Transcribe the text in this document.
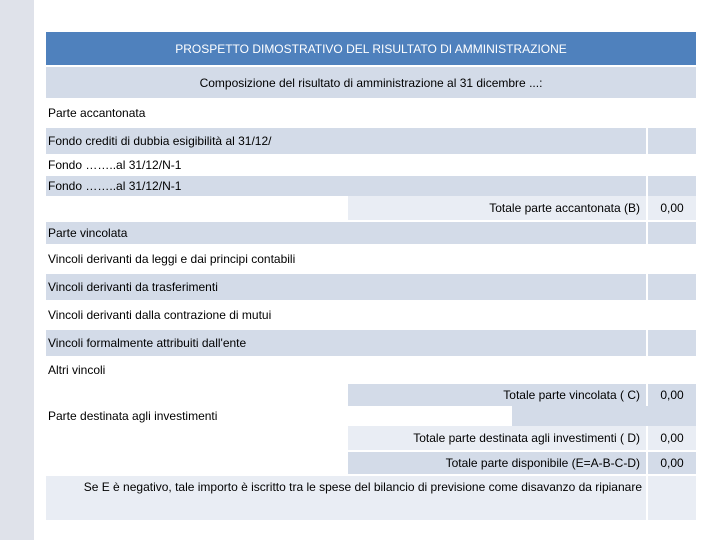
PROSPETTO DIMOSTRATIVO DEL RISULTATO DI AMMINISTRAZIONE
Composizione del risultato di amministrazione al 31 dicembre ...:
Parte accantonata
Fondo crediti di dubbia esigibilità al 31/12/
Fondo ……..al 31/12/N-1
Fondo ……..al 31/12/N-1
Totale parte accantonata (B) 0,00
Parte vincolata
Vincoli derivanti da leggi e dai principi contabili
Vincoli derivanti da trasferimenti
Vincoli derivanti dalla contrazione di mutui
Vincoli formalmente attribuiti dall'ente
Altri vincoli
Totale parte vincolata ( C) 0,00
Parte destinata agli investimenti
Totale parte destinata agli investimenti ( D) 0,00
Totale parte disponibile (E=A-B-C-D) 0,00
Se E è negativo, tale importo è iscritto tra le spese del bilancio di previsione come disavanzo da ripianare
